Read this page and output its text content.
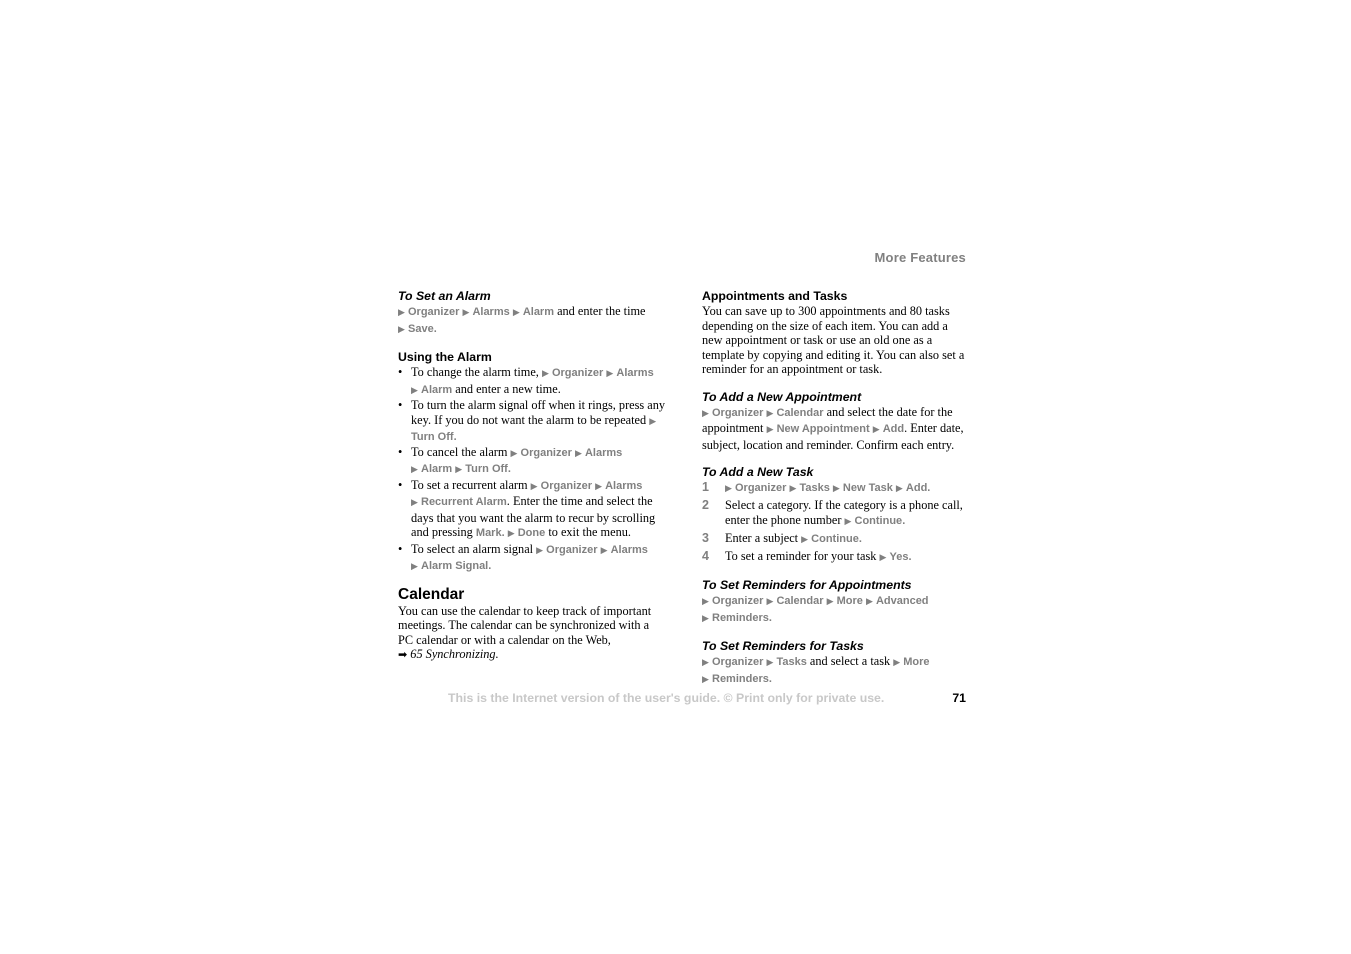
More Features
To Set an Alarm

▶ Organizer ▶ Alarms ▶ Alarm and enter the time
▶ Save.

Using the Alarm
• To change the alarm time, ▶ Organizer ▶ Alarms
▶ Alarm and enter a new time.
• To turn the alarm signal off when it rings, press any key. If you do not want the alarm to be repeated ▶ Turn Off.
• To cancel the alarm ▶ Organizer ▶ Alarms
▶ Alarm ▶ Turn Off.
• To set a recurrent alarm ▶ Organizer ▶ Alarms
▶ Recurrent Alarm. Enter the time and select the days that you want the alarm to recur by scrolling and pressing Mark. ▶ Done to exit the menu.
• To select an alarm signal ▶ Organizer ▶ Alarms
▶ Alarm Signal.
Calendar

You can use the calendar to keep track of important meetings. The calendar can be synchronized with a PC calendar or with a calendar on the Web,
➡ 65 Synchronizing.

Appointments and Tasks

You can save up to 300 appointments and 80 tasks depending on the size of each item. You can add a new appointment or task or use an old one as a template by copying and editing it. You can also set a reminder for an appointment or task.

To Add a New Appointment

▶ Organizer ▶ Calendar and select the date for the appointment ▶ New Appointment ▶ Add. Enter date, subject, location and reminder. Confirm each entry.

To Add a New Task
1 ▶ Organizer ▶ Tasks ▶ New Task ▶ Add.
2 Select a category. If the category is a phone call, enter the phone number ▶ Continue.
3 Enter a subject ▶ Continue.
4 To set a reminder for your task ▶ Yes.
To Set Reminders for Appointments

▶ Organizer ▶ Calendar ▶ More ▶ Advanced
▶ Reminders.

To Set Reminders for Tasks

▶ Organizer ▶ Tasks and select a task ▶ More
▶ Reminders.

This is the Internet version of the user's guide. © Print only for private use.	71
